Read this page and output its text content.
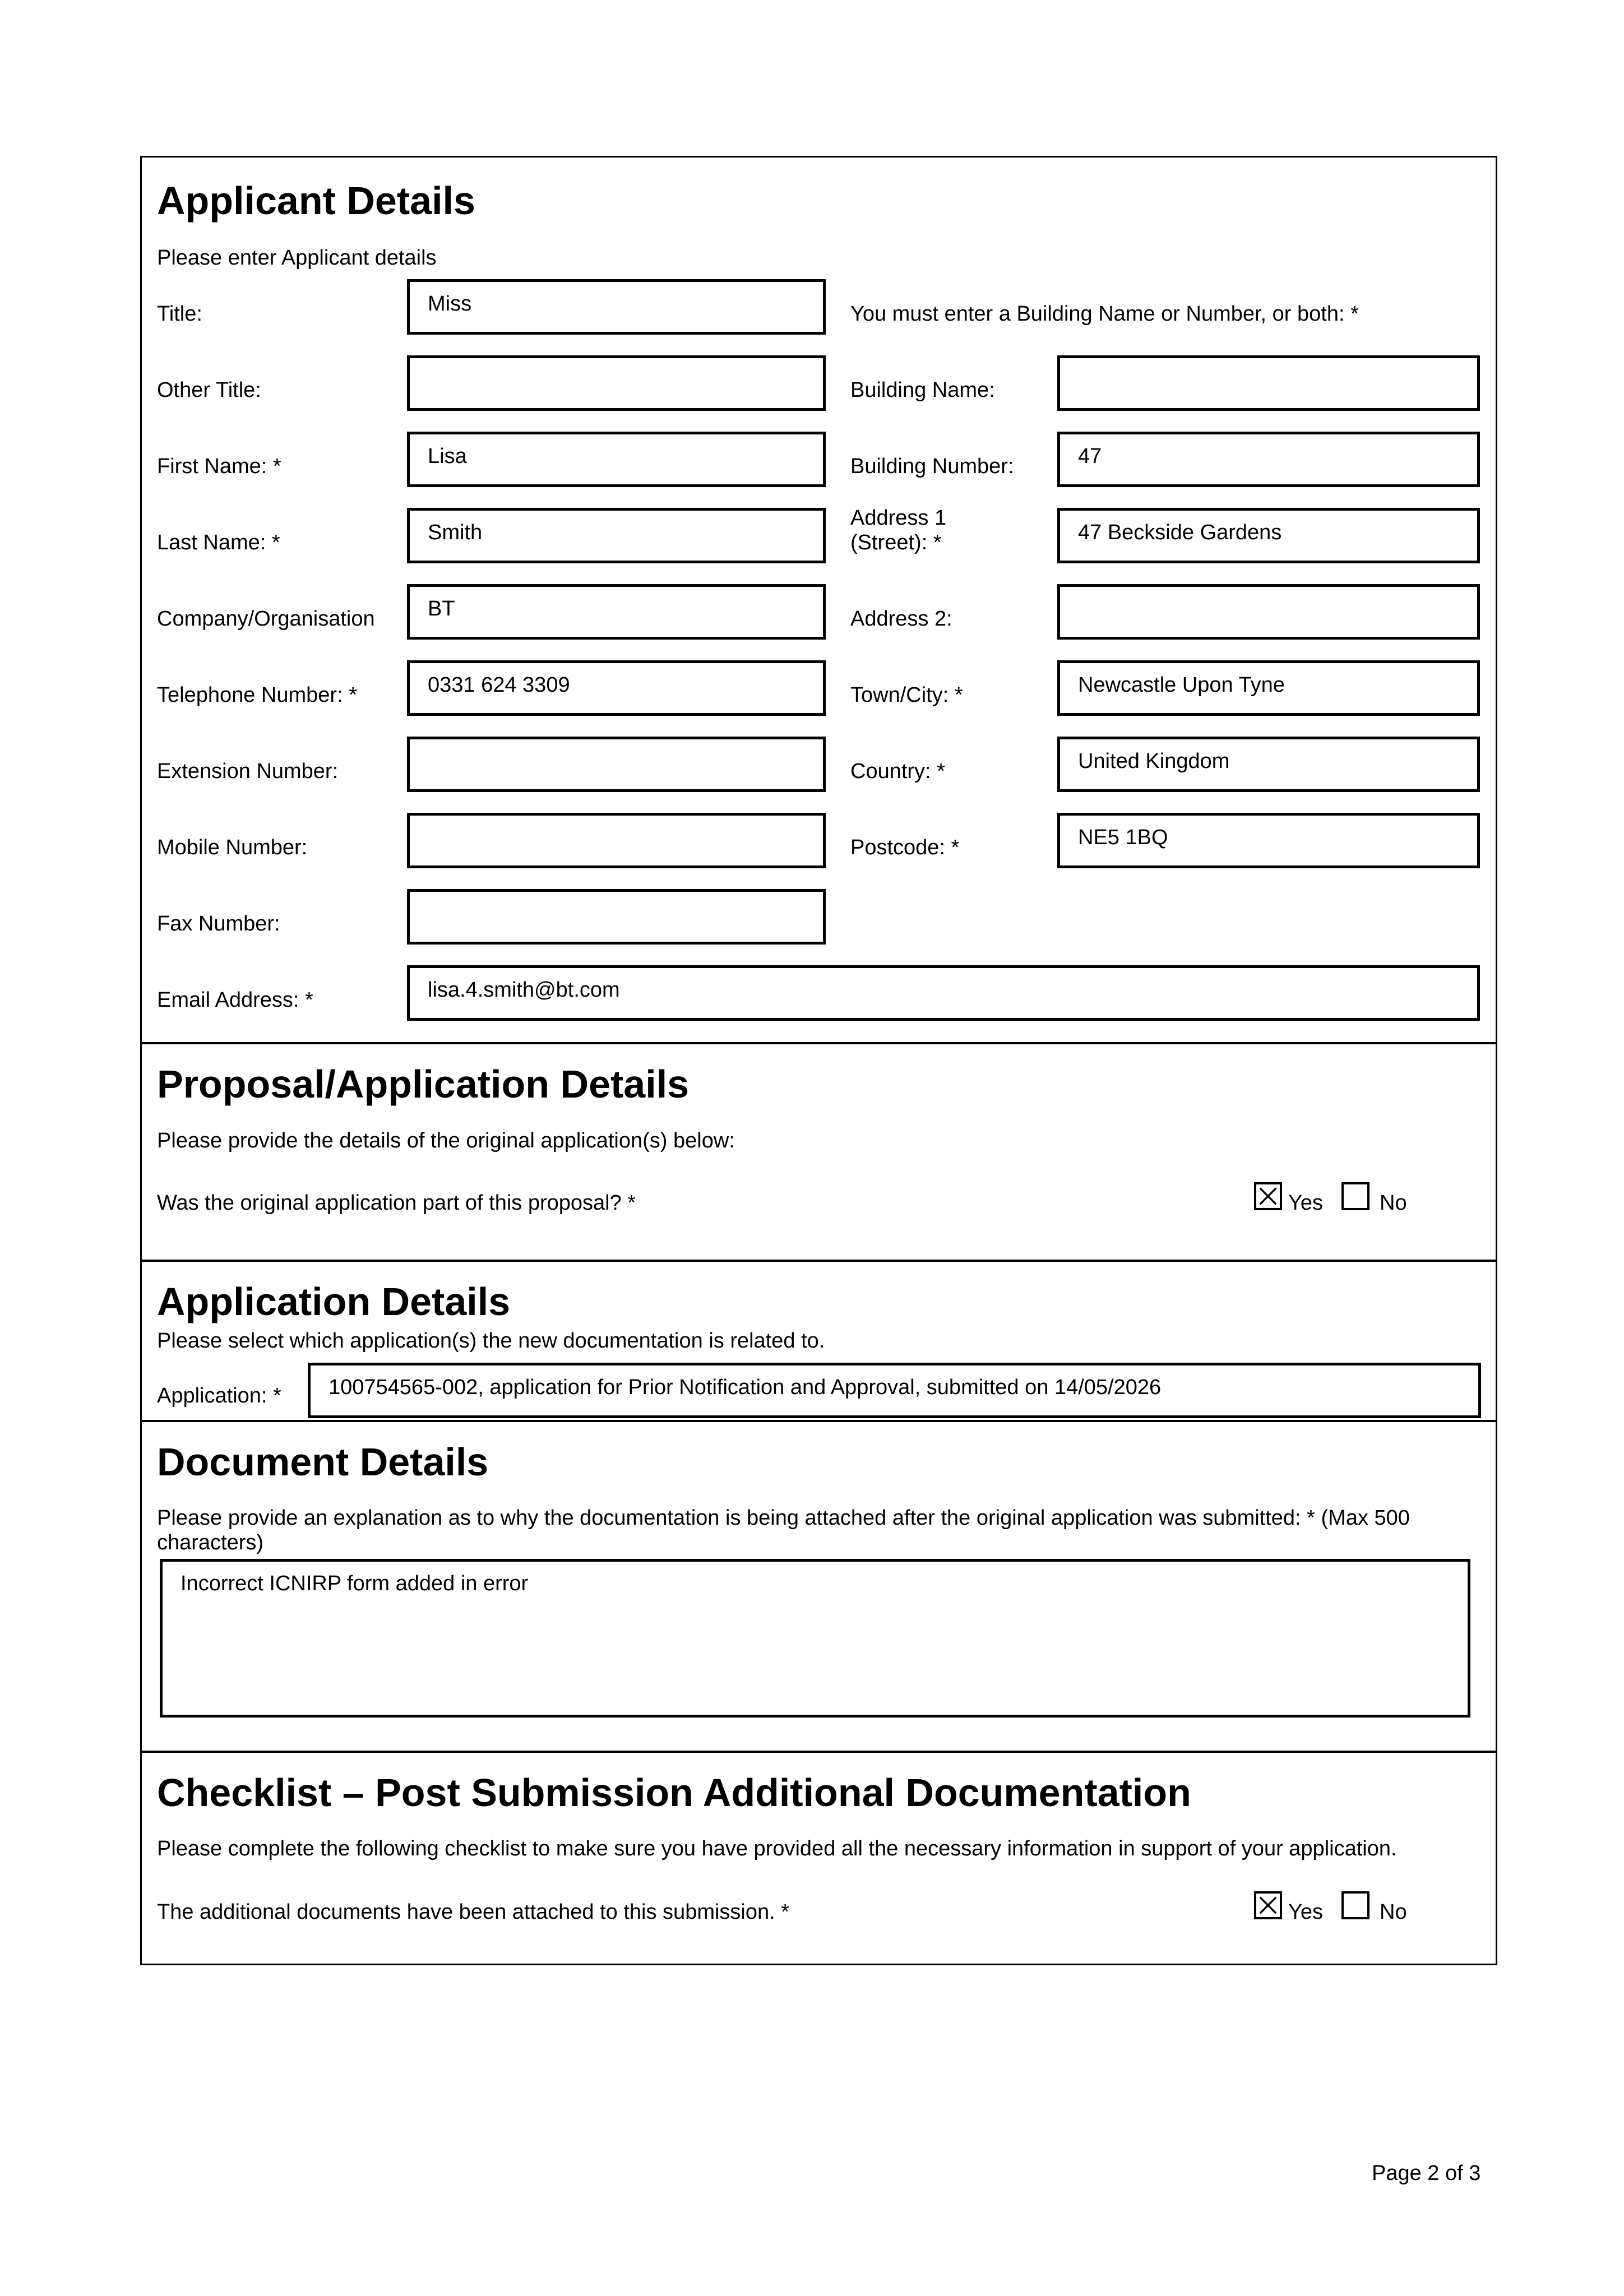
Applicant Details
Please enter Applicant details
You must enter a Building Name or Number, or both: *
Title:	Miss
Other Title:
First Name: *	Lisa
Last Name: *	Smith
Company/Organisation	BT
Telephone Number: *	0331 624 3309
Extension Number:
Mobile Number:
Fax Number:
Email Address: *	lisa.4.smith@bt.com
Building Name:
Building Number:	47
Address 1 (Street): *	47 Beckside Gardens
Address 2:
Town/City: *	Newcastle Upon Tyne
Country: *	United Kingdom
Postcode: *	NE5 1BQ
Proposal/Application Details
Please provide the details of the original application(s) below:
Was the original application part of this proposal? *	Yes	No
Application Details
Please select which application(s) the new documentation is related to.
Application: *	100754565-002, application for Prior Notification and Approval, submitted on 14/05/2026
Document Details
Please provide an explanation as to why the documentation is being attached after the original application was submitted: * (Max 500 characters)
Incorrect ICNIRP form added in error
Checklist – Post Submission Additional Documentation
Please complete the following checklist to make sure you have provided all the necessary information in support of your application.
The additional documents have been attached to this submission. *	Yes	No
Page 2 of 3
